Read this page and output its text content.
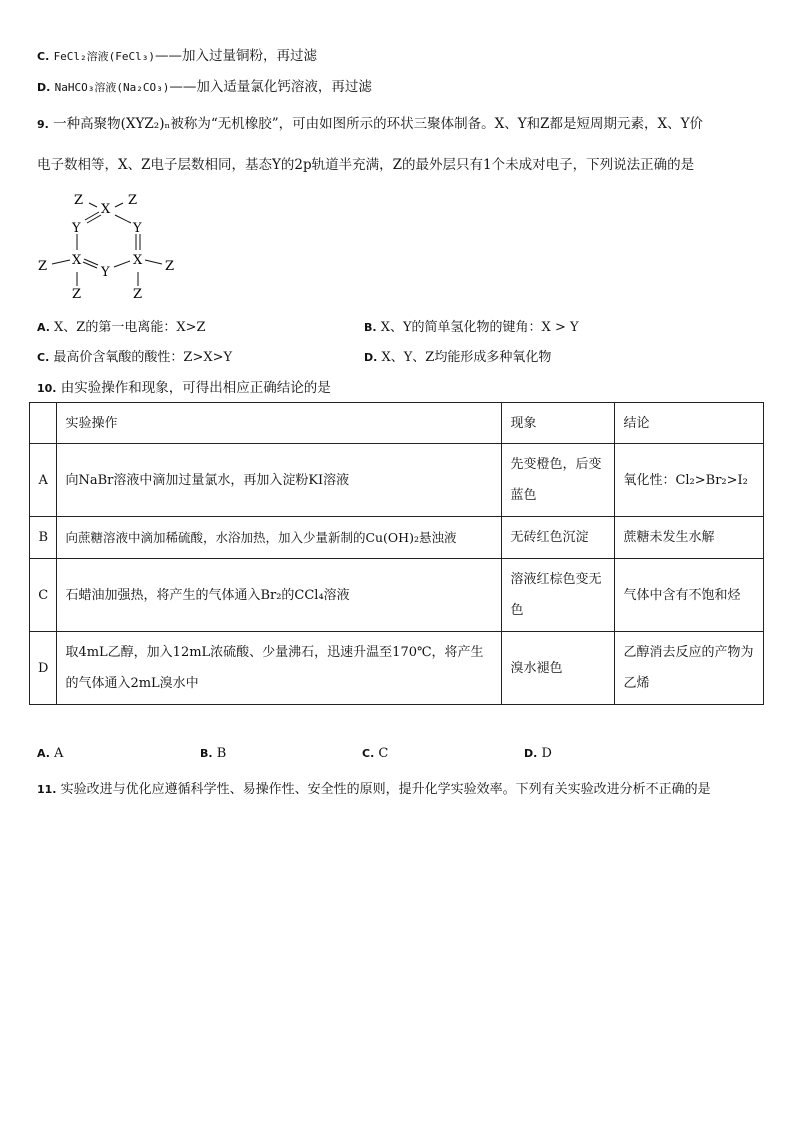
C. FeCl₂溶液(FeCl₃)——加入过量铜粉，再过滤
D. NaHCO₃溶液(Na₂CO₃)——加入适量氯化钙溶液，再过滤
9. 一种高聚物(XYZ₂)ₙ被称为“无机橡胶”，可由如图所示的环状三聚体制备。X、Y和Z都是短周期元素，X、Y价
电子数相等，X、Z电子层数相同，基态Y的2p轨道半充满，Z的最外层只有1个未成对电子，下列说法正确的是
Z
X
Z
Y	Y
Z X
Y
X Z
Z	Z
A. X、Z的第一电离能：X>Z	B. X、Y的简单氢化物的键角：X > Y
C. 最高价含氧酸的酸性：Z>X>Y	D. X、Y、Z均能形成多种氧化物
10. 由实验操作和现象，可得出相应正确结论的是
	实验操作	现象	结论
A	向NaBr溶液中滴加过量氯水，再加入淀粉KI溶液	先变橙色，后变蓝色	氧化性：Cl₂>Br₂>I₂
B	向蔗糖溶液中滴加稀硫酸，水浴加热，加入少量新制的Cu(OH)₂悬浊液	无砖红色沉淀	蔗糖未发生水解
C	石蜡油加强热，将产生的气体通入Br₂的CCl₄溶液	溶液红棕色变无色	气体中含有不饱和烃
D	取4mL乙醇，加入12mL浓硫酸、少量沸石，迅速升温至170℃，将产生的气体通入2mL溴水中	溴水褪色	乙醇消去反应的产物为乙烯
A. A	B. B	C. C	D. D
11. 实验改进与优化应遵循科学性、易操作性、安全性的原则，提升化学实验效率。下列有关实验改进分析不正确的是
